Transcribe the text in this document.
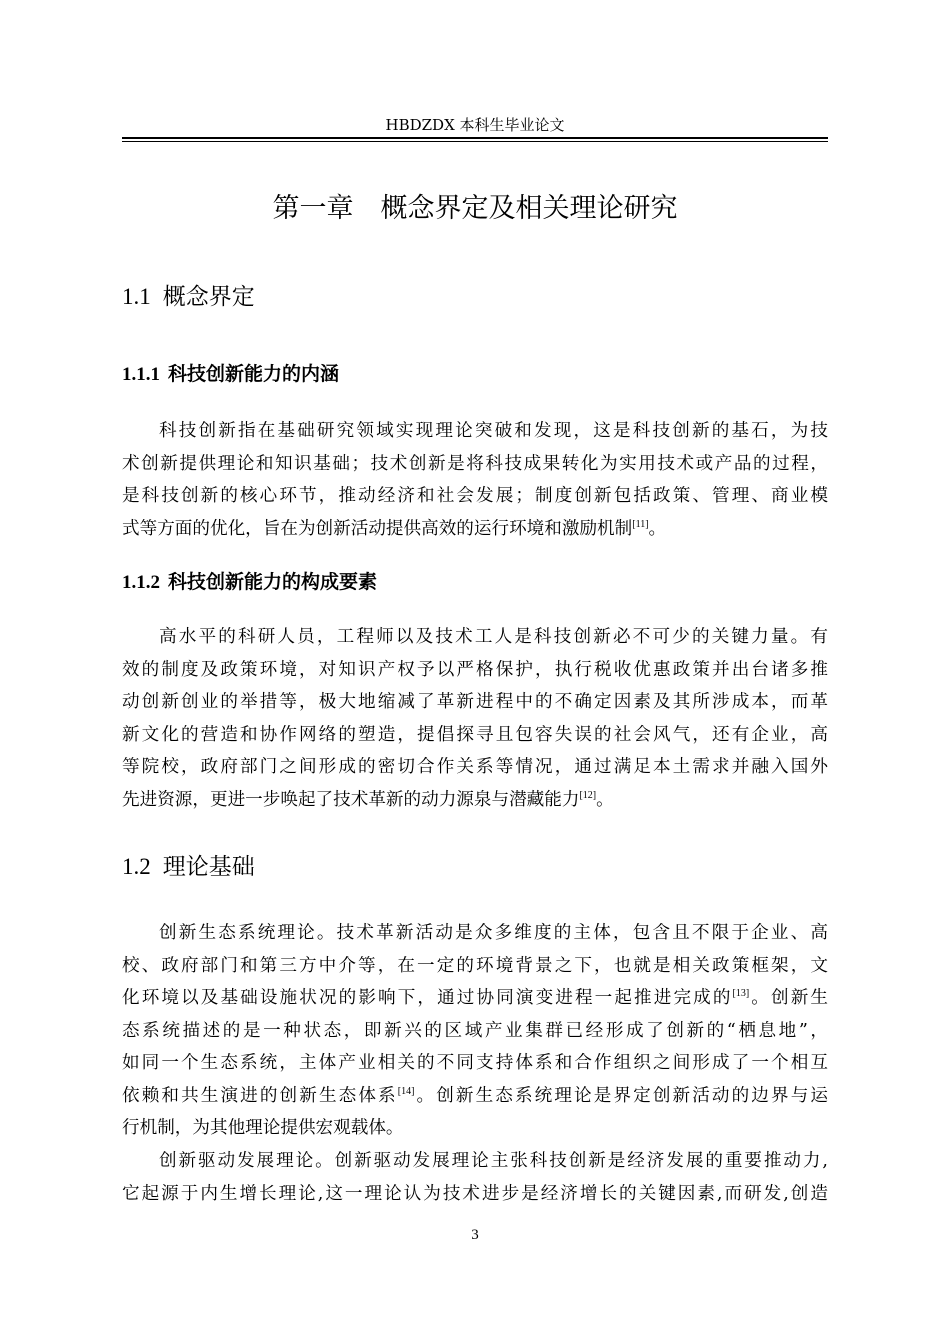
HBDZDX 本科生毕业论文
第一章　概念界定及相关理论研究
1.1 概念界定
1.1.1 科技创新能力的内涵
科技创新指在基础研究领域实现理论突破和发现，这是科技创新的基石，为技
术创新提供理论和知识基础；技术创新是将科技成果转化为实用技术或产品的过程，
是科技创新的核心环节，推动经济和社会发展；制度创新包括政策、管理、商业模
式等方面的优化，旨在为创新活动提供高效的运行环境和激励机制[11]。
1.1.2 科技创新能力的构成要素
高水平的科研人员，工程师以及技术工人是科技创新必不可少的关键力量。有
效的制度及政策环境，对知识产权予以严格保护，执行税收优惠政策并出台诸多推
动创新创业的举措等，极大地缩减了革新进程中的不确定因素及其所涉成本，而革
新文化的营造和协作网络的塑造，提倡探寻且包容失误的社会风气，还有企业，高
等院校，政府部门之间形成的密切合作关系等情况，通过满足本土需求并融入国外
先进资源，更进一步唤起了技术革新的动力源泉与潜藏能力[12]。
1.2 理论基础
创新生态系统理论。技术革新活动是众多维度的主体，包含且不限于企业、高
校、政府部门和第三方中介等，在一定的环境背景之下，也就是相关政策框架，文
化环境以及基础设施状况的影响下，通过协同演变进程一起推进完成的[13]。创新生
态系统描述的是一种状态，即新兴的区域产业集群已经形成了创新的“栖息地”，
如同一个生态系统，主体产业相关的不同支持体系和合作组织之间形成了一个相互
依赖和共生演进的创新生态体系[14]。创新生态系统理论是界定创新活动的边界与运
行机制，为其他理论提供宏观载体。
创新驱动发展理论。创新驱动发展理论主张科技创新是经济发展的重要推动力,
它起源于内生增长理论,这一理论认为技术进步是经济增长的关键因素,而研发,创造
3
